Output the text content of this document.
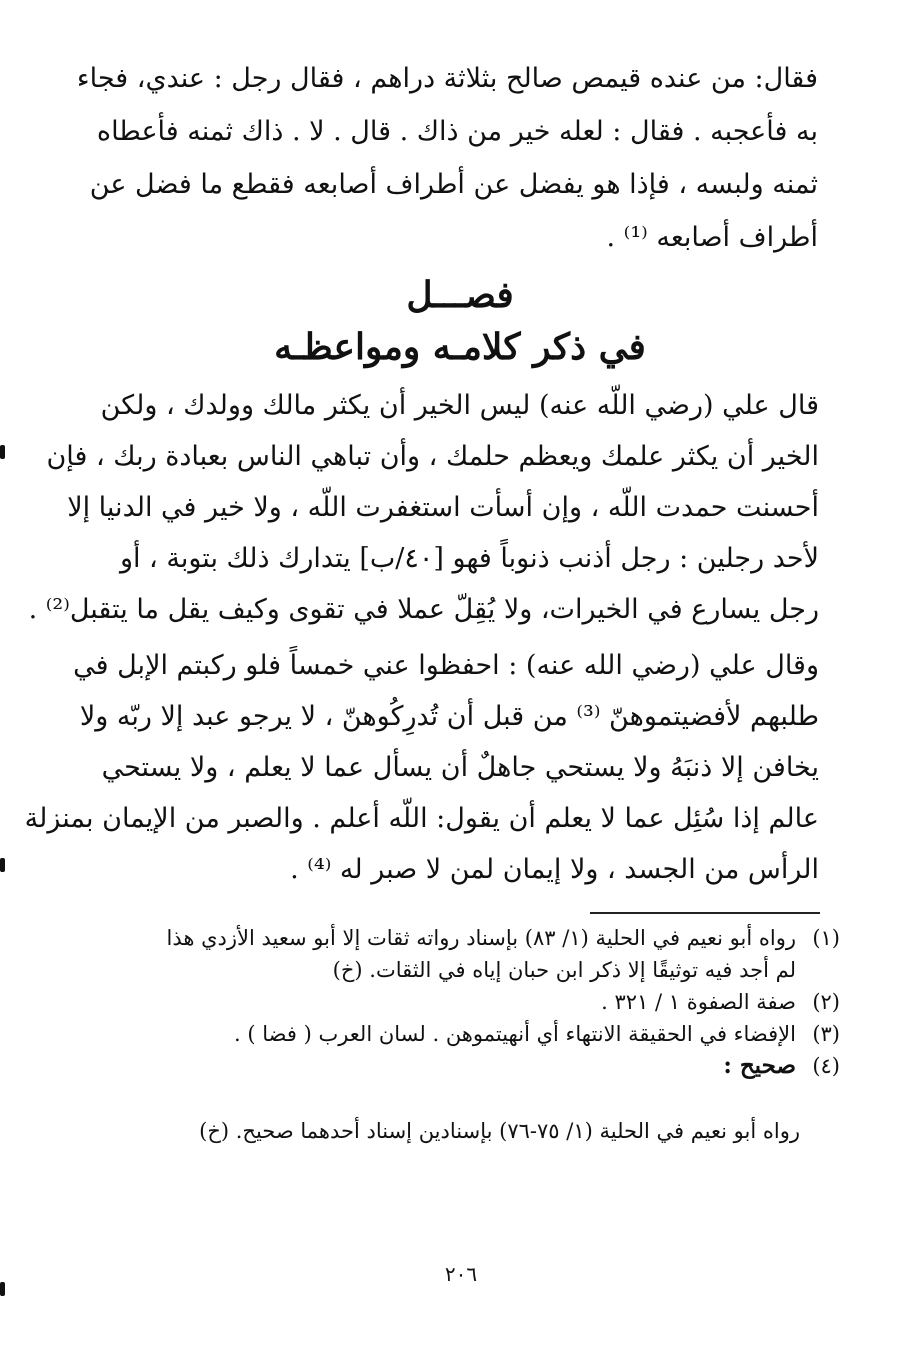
فقال: من عنده قيمص صالح بثلاثة دراهم ، فقال رجل : عندي، فجاء
به فأعجبه . فقال : لعله خير من ذاك . قال . لا . ذاك ثمنه فأعطاه
ثمنه ولبسه ، فإذا هو يفضل عن أطراف أصابعه فقطع ما فضل عن
أطراف أصابعه ⁽¹⁾ .
فصـــل
في ذكر كلامـه ومواعظـه
قال علي (رضي اللّه عنه) ليس الخير أن يكثر مالك وولدك ، ولكن
الخير أن يكثر علمك ويعظم حلمك ، وأن تباهي الناس بعبادة ربك ، فإن
أحسنت حمدت اللّه ، وإن أسأت استغفرت اللّه ، ولا خير في الدنيا إلا
لأحد رجلين : رجل أذنب ذنوباً فهو [٤٠/ب] يتدارك ذلك بتوبة ، أو
رجل يسارع في الخيرات، ولا يُقِلّ عملا في تقوى وكيف يقل ما يتقبل⁽²⁾ .
وقال علي (رضي الله عنه) : احفظوا عني خمساً فلو ركبتم الإبل في
طلبهم لأفضيتموهنّ ⁽³⁾ من قبل أن تُدرِكُوهنّ ، لا يرجو عبد إلا ربّه ولا
يخافن إلا ذنبَهُ ولا يستحي جاهلٌ أن يسأل عما لا يعلم ، ولا يستحي
عالم إذا سُئِل عما لا يعلم أن يقول: اللّه أعلم . والصبر من الإيمان بمنزلة
الرأس من الجسد ، ولا إيمان لمن لا صبر له ⁽⁴⁾ .
(١)رواه أبو نعيم في الحلية (١/ ٨٣) بإسناد رواته ثقات إلا أبو سعيد الأزدي هذا
لم أجد فيه توثيقًا إلا ذكر ابن حبان إياه في الثقات. (خ)
(٢)صفة الصفوة ١ / ٣٢١ .
(٣)الإفضاء في الحقيقة الانتهاء أي أنهيتموهن . لسان العرب ( فضا ) .
(٤)صحيح :
رواه أبو نعيم في الحلية (١/ ٧٥-٧٦) بإسنادين إسناد أحدهما صحيح. (خ)
٢٠٦
